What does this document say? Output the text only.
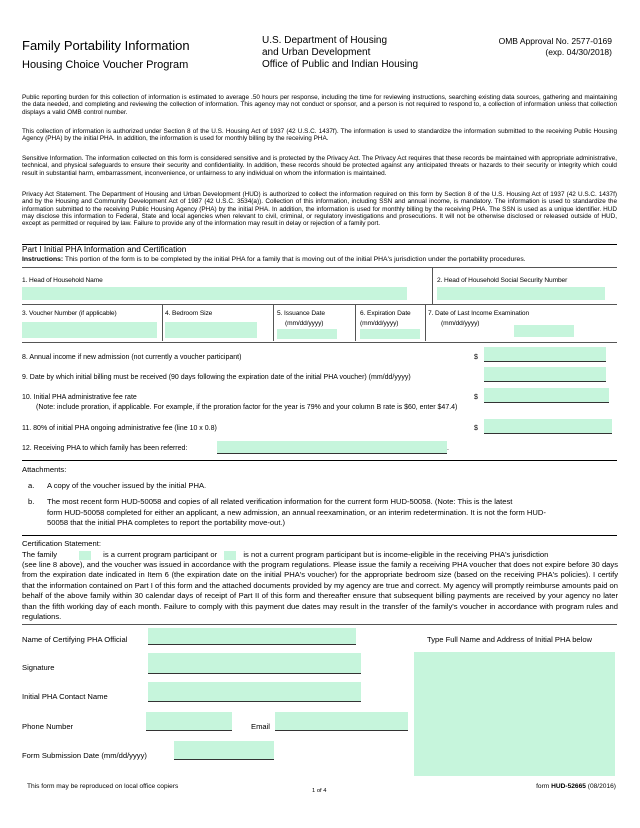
Family Portability Information
Housing Choice Voucher Program
U.S. Department of Housing
and Urban Development
Office of Public and Indian Housing
OMB Approval No. 2577-0169
(exp. 04/30/2018)
Public reporting burden for this collection of information is estimated to average .50 hours per response, including the time for reviewing instructions, searching existing data sources, gathering and maintaining the data needed, and completing and reviewing the collection of information. This agency may not conduct or sponsor, and a person is not required to respond to, a collection of information unless that collection displays a valid OMB control number.
This collection of information is authorized under Section 8 of the U.S. Housing Act of 1937 (42 U.S.C. 1437f). The information is used to standardize the information submitted to the receiving Public Housing Agency (PHA) by the initial PHA. In addition, the information is used for monthly billing by the receiving PHA.
Sensitive Information. The information collected on this form is considered sensitive and is protected by the Privacy Act. The Privacy Act requires that these records be maintained with appropriate administrative, technical, and physical safeguards to ensure their security and confidentiality. In addition, these records should be protected against any anticipated threats or hazards to their security or integrity which could result in substantial harm, embarrassment, inconvenience, or unfairness to any individual on whom the information is maintained.
Privacy Act Statement. The Department of Housing and Urban Development (HUD) is authorized to collect the information required on this form by Section 8 of the U.S. Housing Act of 1937 (42 U.S.C. 1437f) and by the Housing and Community Development Act of 1987 (42 U.S.C. 3534(a)). Collection of this information, including SSN and annual income, is mandatory. The information is used to standardize the information submitted to the receiving Public Housing Agency (PHA) by the initial PHA. In addition, the information is used for monthly billing by the receiving PHA. The SSN is used as a unique identifier. HUD may disclose this information to Federal, State and local agencies when relevant to civil, criminal, or regulatory investigations and prosecutions. It will not be otherwise disclosed or released outside of HUD, except as permitted or required by law. Failure to provide any of the information may result in delay or rejection of a family port.
Part I Initial PHA Information and Certification
Instructions: This portion of the form is to be completed by the initial PHA for a family that is moving out of the initial PHA's jurisdiction under the portability procedures.
1. Head of Household Name	2. Head of Household Social Security Number
3. Voucher Number (if applicable)	4. Bedroom Size	5. Issuance Date
(mm/dd/yyyy)
6. Expiration Date
(mm/dd/yyyy)
7. Date of Last Income Examination
(mm/dd/yyyy)
8. Annual income if new admission (not currently a voucher participant)	$
9. Date by which initial billing must be received (90 days following the expiration date of the initial PHA voucher) (mm/dd/yyyy)
10. Initial PHA administrative fee rate	$
(Note: include proration, if applicable. For example, if the proration factor for the year is 79% and your column B rate is $60, enter $47.4)
11. 80% of initial PHA ongoing administrative fee (line 10 x 0.8)	$
12. Receiving PHA to which family has been referred:	.
Attachments:
a. A copy of the voucher issued by the initial PHA.
b. The most recent form HUD-50058 and copies of all related verification information for the current form HUD-50058. (Note: This is the latest
form HUD-50058 completed for either an applicant, a new admission, an annual reexamination, or an interim redetermination. It is not the form HUD-
50058 that the initial PHA completes to report the portability move-out.)
Certification Statement:
The family	is a current program participant or	is not a current program participant but is income-eligible in the receiving PHA's jurisdiction
(see line 8 above), and the voucher was issued in accordance with the program regulations. Please issue the family a receiving PHA voucher that does not expire before 30 days from the expiration date indicated in Item 6 (the expiration date on the initial PHA's voucher) for the appropriate bedroom size (based on the receiving PHA's policies). I certify that the information contained on Part I of this form and the attached documents provided by my agency are true and correct. My agency will promptly reimburse amounts paid on behalf of the above family within 30 calendar days of receipt of Part II of this form and thereafter ensure that subsequent billing payments are received by your agency no later than the fifth working day of each month. Failure to comply with this payment due dates may result in the transfer of the family's voucher in accordance with program rules and regulations.
Name of Certifying PHA Official	Type Full Name and Address of Initial PHA below
Signature
Initial PHA Contact Name
Phone Number	Email
Form Submission Date (mm/dd/yyyy)
This form may be reproduced on local office copiers
1 of 4
form HUD-52665 (08/2016)
